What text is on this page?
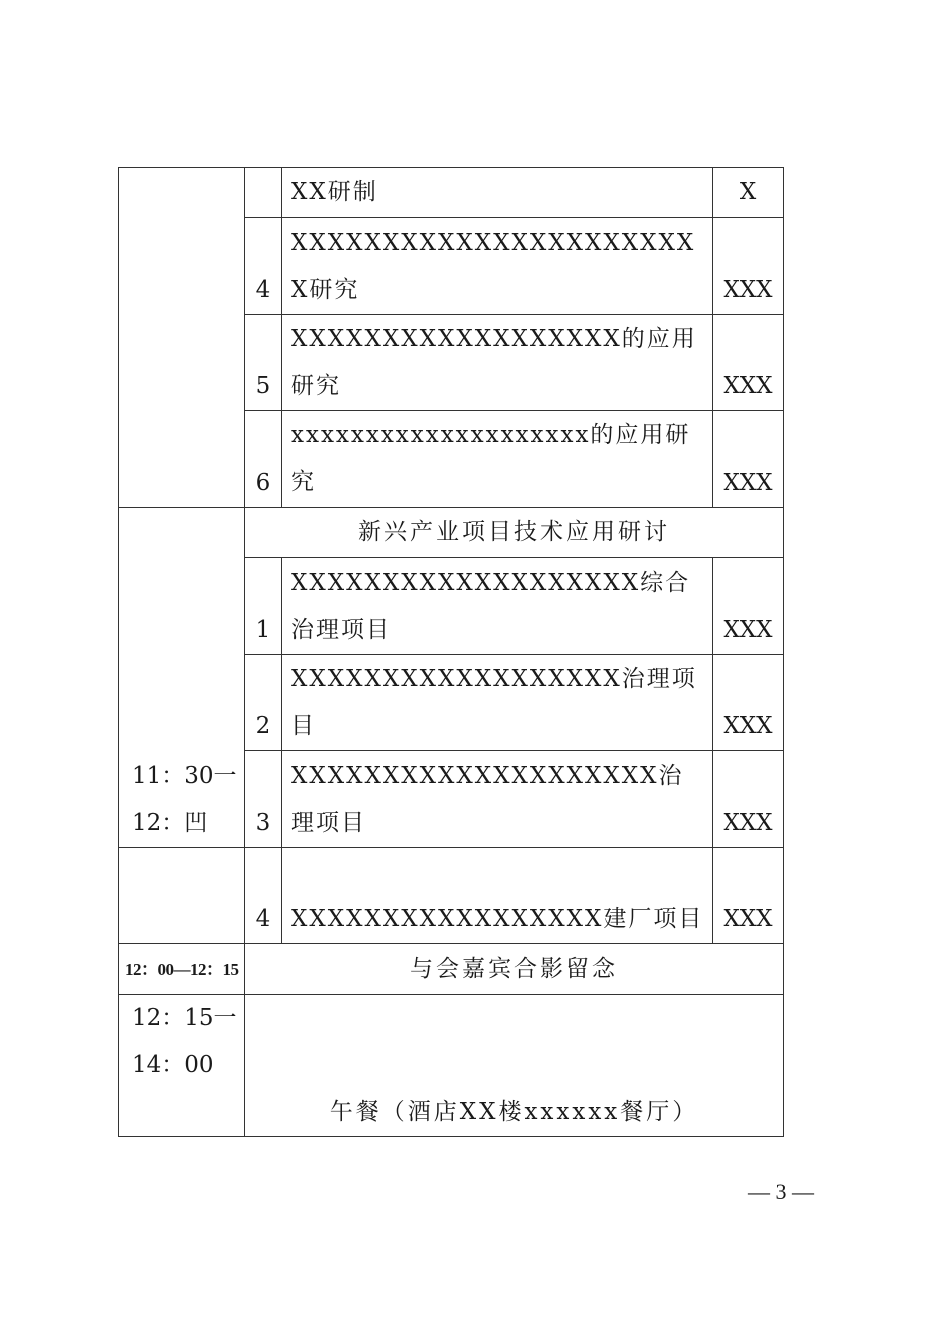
		XX研制	X
	4	XXXXXXXXXXXXXXXXXXXXXXX研究	XXX
	5	XXXXXXXXXXXXXXXXXX的应用研究	XXX
	6	xxxxxxxxxxxxxxxxxxxx的应用研究	XXX
11：30一12：凹	新兴产业项目技术应用研讨		
	1	XXXXXXXXXXXXXXXXXXX综合治理项目	XXX
	2	XXXXXXXXXXXXXXXXXX治理项目	XXX
	3	XXXXXXXXXXXXXXXXXXXX治理项目	XXX
	4	XXXXXXXXXXXXXXXXX建厂项目	XXX
12：00—12：15	与会嘉宾合影留念		
12：15一14：00	午餐（酒店XX楼xxxxxx餐厅）		
— 3 —
